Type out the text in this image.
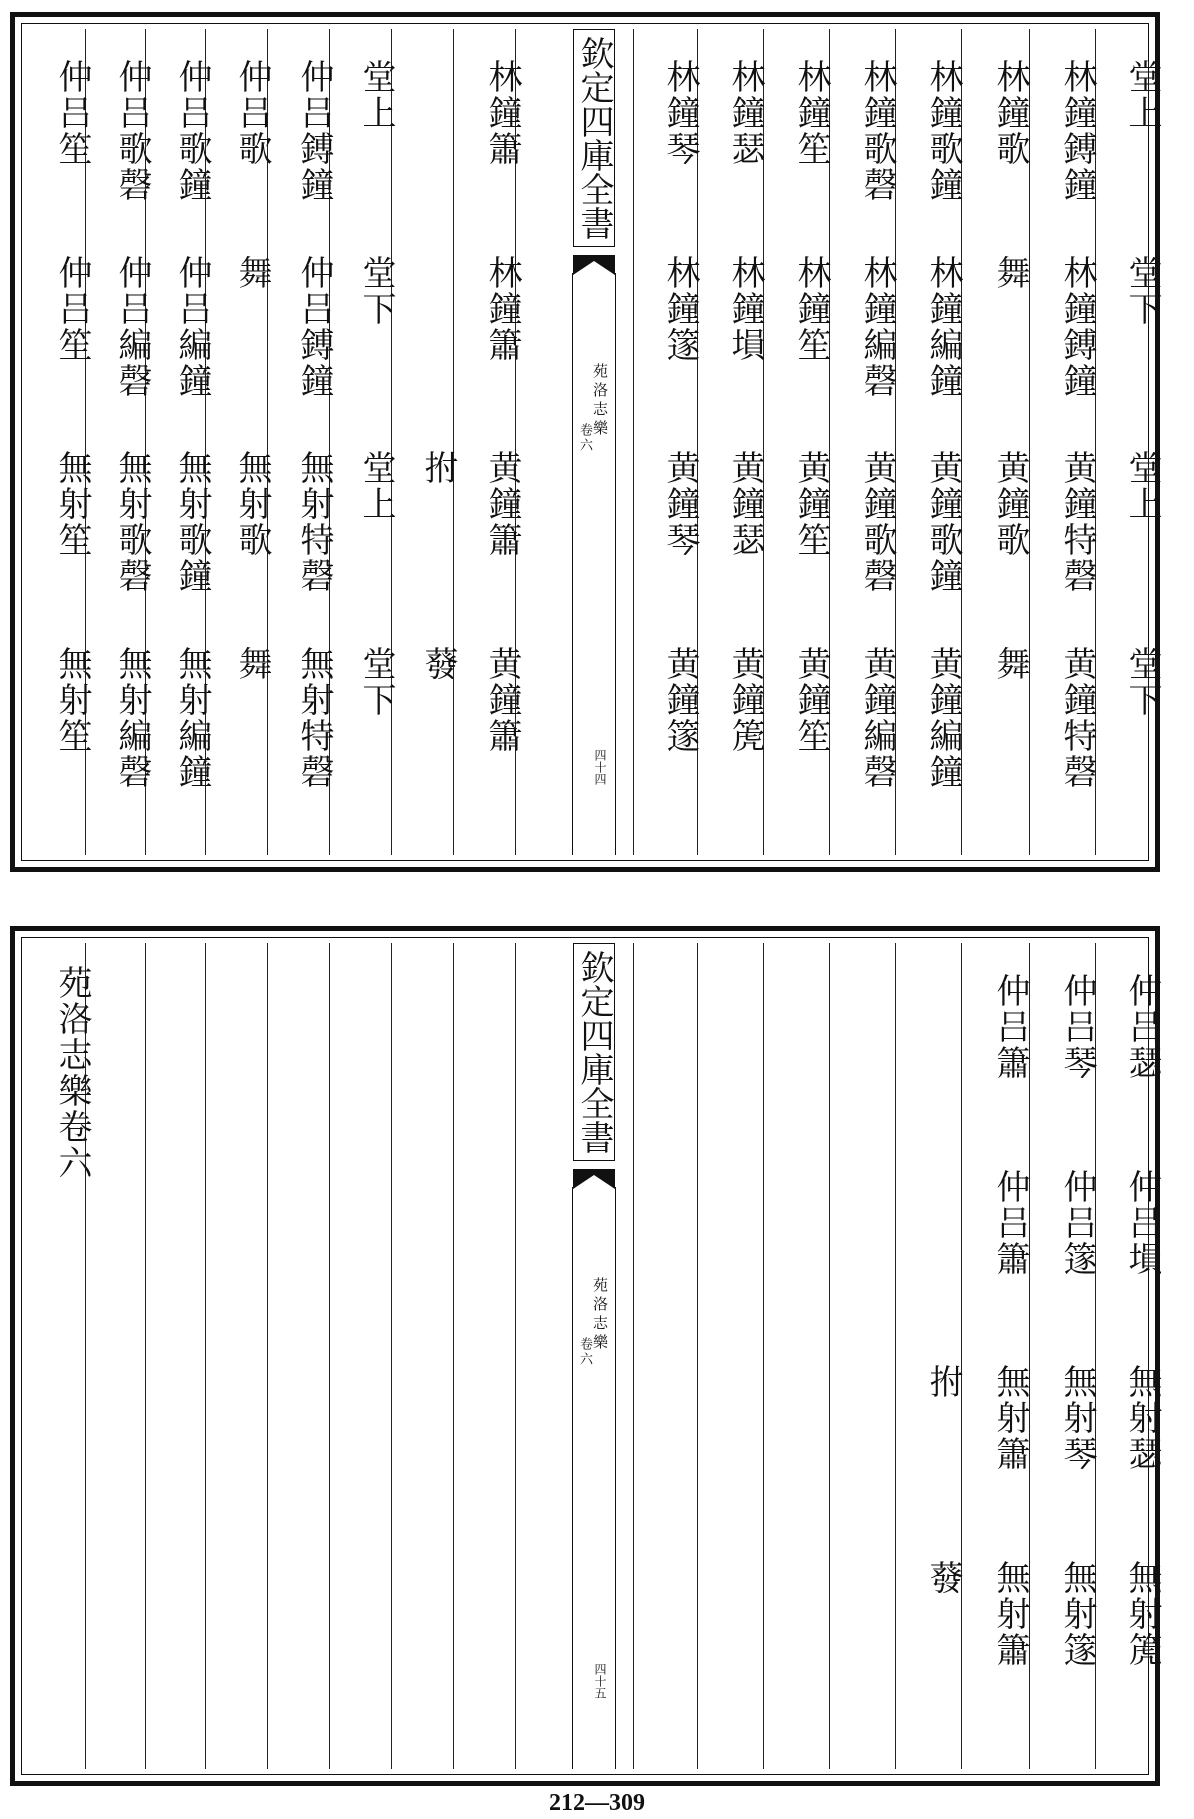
仲吕笙
仲吕笙
無射笙
無射笙
仲吕歌磬
仲吕編磬
無射歌磬
無射編磬
仲吕歌鐘
仲吕編鐘
無射歌鐘
無射編鐘
仲吕歌
舞
無射歌
舞
仲吕鎛鐘
仲吕鎛鐘
無射特磬
無射特磬
堂上
堂下
堂上
堂下
拊
蕟
林鐘簫
林鐘簫
黄鐘簫
黄鐘簫
林鐘琴
林鐘篴
黄鐘琴
黄鐘篴
林鐘瑟
林鐘塤
黄鐘瑟
黄鐘箎
林鐘笙
林鐘笙
黄鐘笙
黄鐘笙
林鐘歌磬
林鐘編磬
黄鐘歌磬
黄鐘編磬
林鐘歌鐘
林鐘編鐘
黄鐘歌鐘
黄鐘編鐘
林鐘歌
舞
黄鐘歌
舞
林鐘鎛鐘
林鐘鎛鐘
黄鐘特磬
黄鐘特磬
堂上
堂下
堂上
堂下
欽定四庫全書
苑洛志樂
卷六
四十四
苑洛志樂卷六	欽定四庫全書
苑洛志樂
卷六
四十五
拊
蕟
仲吕簫
仲吕簫
無射簫
無射簫
仲吕琴
仲吕篴
無射琴
無射篴
仲吕瑟
仲吕塤
無射瑟
無射箎
212—309
